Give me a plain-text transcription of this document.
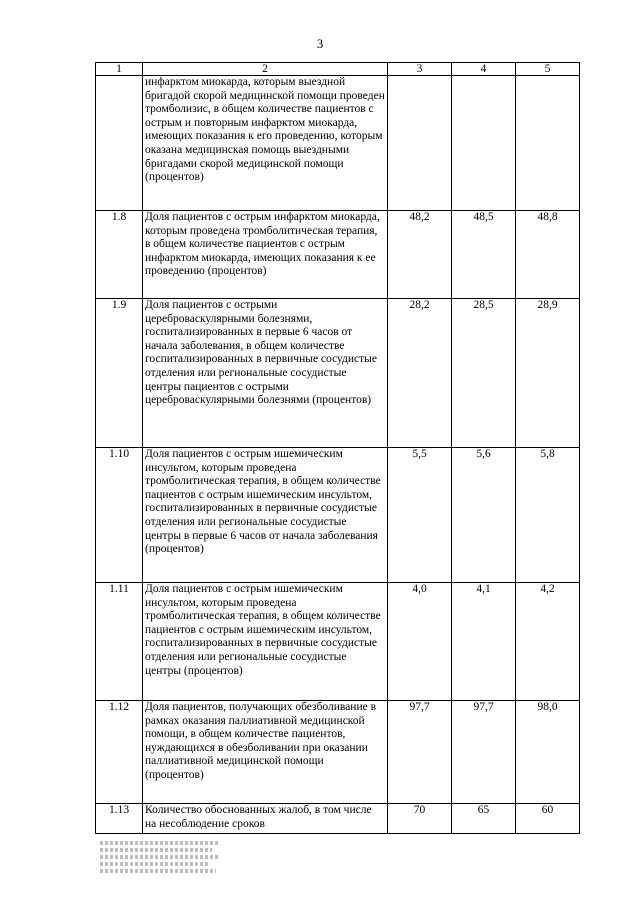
3
1	2	3	4	5
	инфарктом миокарда, которым выездной бригадой скорой медицинской помощи проведен тромболизис, в общем количестве пациентов с острым и повторным инфарктом миокарда, имеющих показания к его проведению, которым оказана медицинская помощь выездными бригадами скорой медицинской помощи (процентов)			
1.8	Доля пациентов с острым инфарктом миокарда, которым проведена тромболитическая терапия, в общем количестве пациентов с острым инфарктом миокарда, имеющих показания к ее проведению (процентов)	48,2	48,5	48,8
1.9	Доля пациентов с острыми цереброваскулярными болезнями, госпитализированных в первые 6 часов от начала заболевания, в общем количестве госпитализированных в первичные сосудистые отделения или региональные сосудистые центры пациентов с острыми цереброваскулярными болезнями (процентов)	28,2	28,5	28,9
1.10	Доля пациентов с острым ишемическим инсультом, которым проведена тромболитическая терапия, в общем количестве пациентов с острым ишемическим инсультом, госпитализированных в первичные сосудистые отделения или региональные сосудистые центры в первые 6 часов от начала заболевания (процентов)	5,5	5,6	5,8
1.11	Доля пациентов с острым ишемическим инсультом, которым проведена тромболитическая терапия, в общем количестве пациентов с острым ишемическим инсультом, госпитализированных в первичные сосудистые отделения или региональные сосудистые центры (процентов)	4,0	4,1	4,2
1.12	Доля пациентов, получающих обезболивание в рамках оказания паллиативной медицинской помощи, в общем количестве пациентов, нуждающихся в обезболивании при оказании паллиативной медицинской помощи (процентов)	97,7	97,7	98,0
1.13	Количество обоснованных жалоб, в том числе на несоблюдение сроков	70	65	60
